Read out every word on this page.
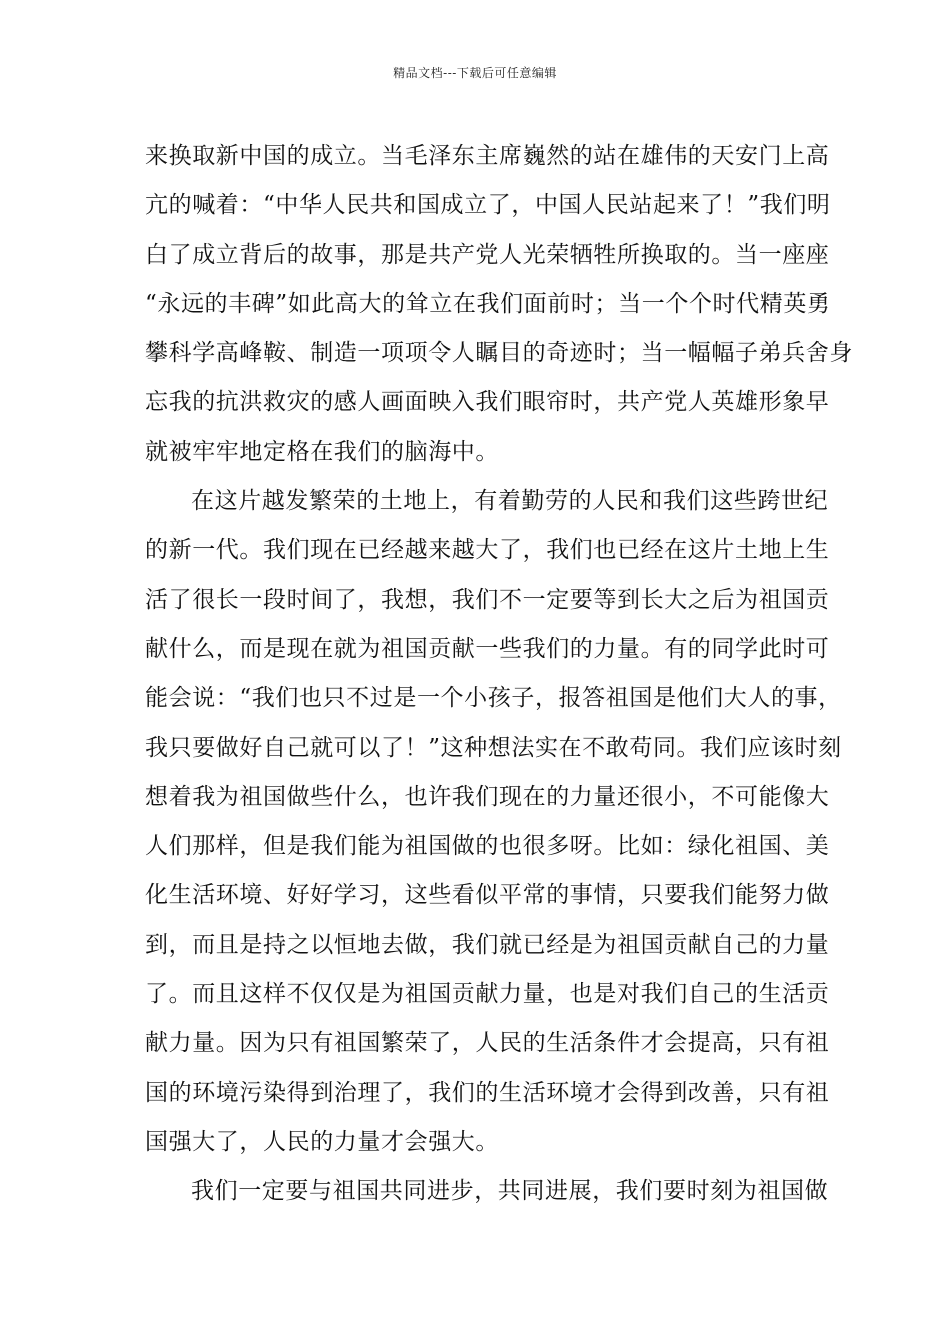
精品文档---下载后可任意编辑
来换取新中国的成立。当毛泽东主席巍然的站在雄伟的天安门上高
亢的喊着：“中华人民共和国成立了，中国人民站起来了！”我们明
白了成立背后的故事，那是共产党人光荣牺牲所换取的。当一座座
“永远的丰碑”如此高大的耸立在我们面前时；当一个个时代精英勇
攀科学高峰鞍、制造一项项令人瞩目的奇迹时；当一幅幅子弟兵舍身
忘我的抗洪救灾的感人画面映入我们眼帘时，共产党人英雄形象早
就被牢牢地定格在我们的脑海中。
在这片越发繁荣的土地上，有着勤劳的人民和我们这些跨世纪
的新一代。我们现在已经越来越大了，我们也已经在这片土地上生
活了很长一段时间了，我想，我们不一定要等到长大之后为祖国贡
献什么，而是现在就为祖国贡献一些我们的力量。有的同学此时可
能会说：“我们也只不过是一个小孩子，报答祖国是他们大人的事，
我只要做好自己就可以了！”这种想法实在不敢苟同。我们应该时刻
想着我为祖国做些什么，也许我们现在的力量还很小，不可能像大
人们那样，但是我们能为祖国做的也很多呀。比如：绿化祖国、美
化生活环境、好好学习，这些看似平常的事情，只要我们能努力做
到，而且是持之以恒地去做，我们就已经是为祖国贡献自己的力量
了。而且这样不仅仅是为祖国贡献力量，也是对我们自己的生活贡
献力量。因为只有祖国繁荣了，人民的生活条件才会提高，只有祖
国的环境污染得到治理了，我们的生活环境才会得到改善，只有祖
国强大了，人民的力量才会强大。
我们一定要与祖国共同进步，共同进展，我们要时刻为祖国做
